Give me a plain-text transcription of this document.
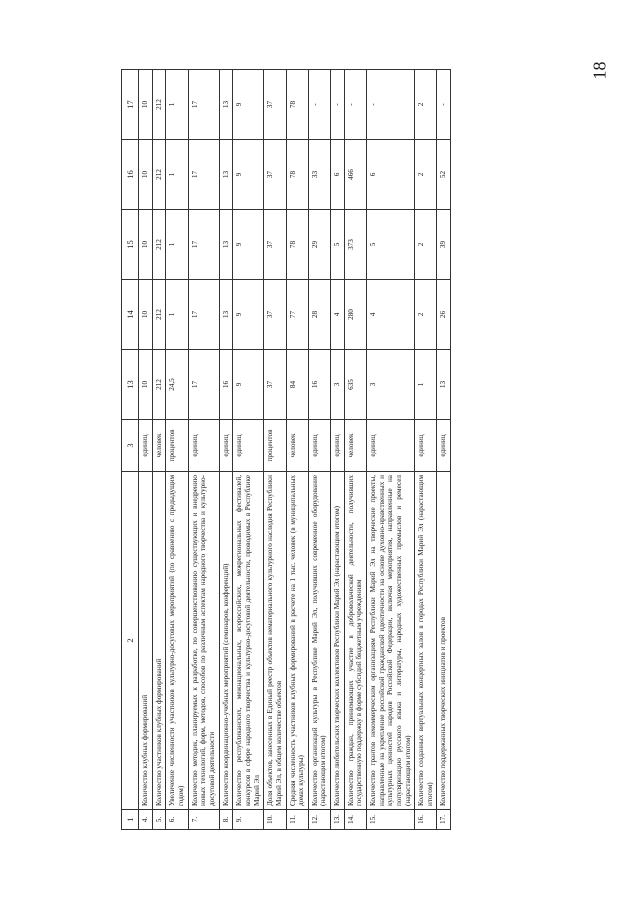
18
1	2	3	13	14	15	16	17
4.	Количество клубных формирований	единиц	10	10	10	10	10
5.	Количество участников клубных формирований	человек	212	212	212	212	212
6.	Увеличение численности участников культурно-досуговых мероприятий (по сравнению с предыдущим годом)	процентов	24,5	1	1	1	1
7.	Количество методик, планируемых к разработке, по совершенствованию существующих и внедрению новых технологий, форм, методов, способов по различным аспектам народного творчества и культурно-досуговой деятельности	единиц	17	17	17	17	17
8.	Количество координационно-учебных мероприятий (семинаров, конференций)	единиц	16	13	13	13	13
9.	Количество республиканских, межнациональных, всероссийских, межрегиональных фестивалей, конкурсов в сфере народного творчества и культурно-досуговой деятельности, проводимых в Республике Марий Эл	единиц	9	9	9	9	9
10.	Доля объектов, занесенных в Единый реестр объектов нематериального культурного наследия Республики Марий Эл, в общем количестве объектов	процентов	37	37	37	37	37
11.	Средняя численность участников клубных формирований в расчете на 1 тыс. человек (в муниципальных домах культуры)	человек	84	77	78	78	78
12.	Количество организаций культуры в Республике Марий Эл, получивших современное оборудование (нарастающим итогом)	единиц	16	28	29	33	-
13.	Количество любительских творческих коллективов Республики Марий Эл (нарастающим итогом)	единиц	3	4	5	6	-
14.	Количество граждан, принимающих участие в добровольческой деятельности, получивших государственную поддержку в форме субсидий бюджетным учреждениям	человек	635	280	373	466	-
15.	Количество грантов некоммерческим организациям Республики Марий Эл на творческие проекты, направленные на укрепление российской гражданской идентичности на основе духовно-нравственных и культурных ценностей народов Российской Федерации, включая мероприятия, направленные на популяризацию русского языка и литературы, народных художественных промыслов и ремесел (нарастающим итогом)	единиц	3	4	5	6	-
16.	Количество созданных виртуальных концертных залов в городах Республики Марий Эл (нарастающим итогом)	единиц	1	2	2	2	2
17.	Количество поддержанных творческих инициатив и проектов	единиц	13	26	39	52	-
